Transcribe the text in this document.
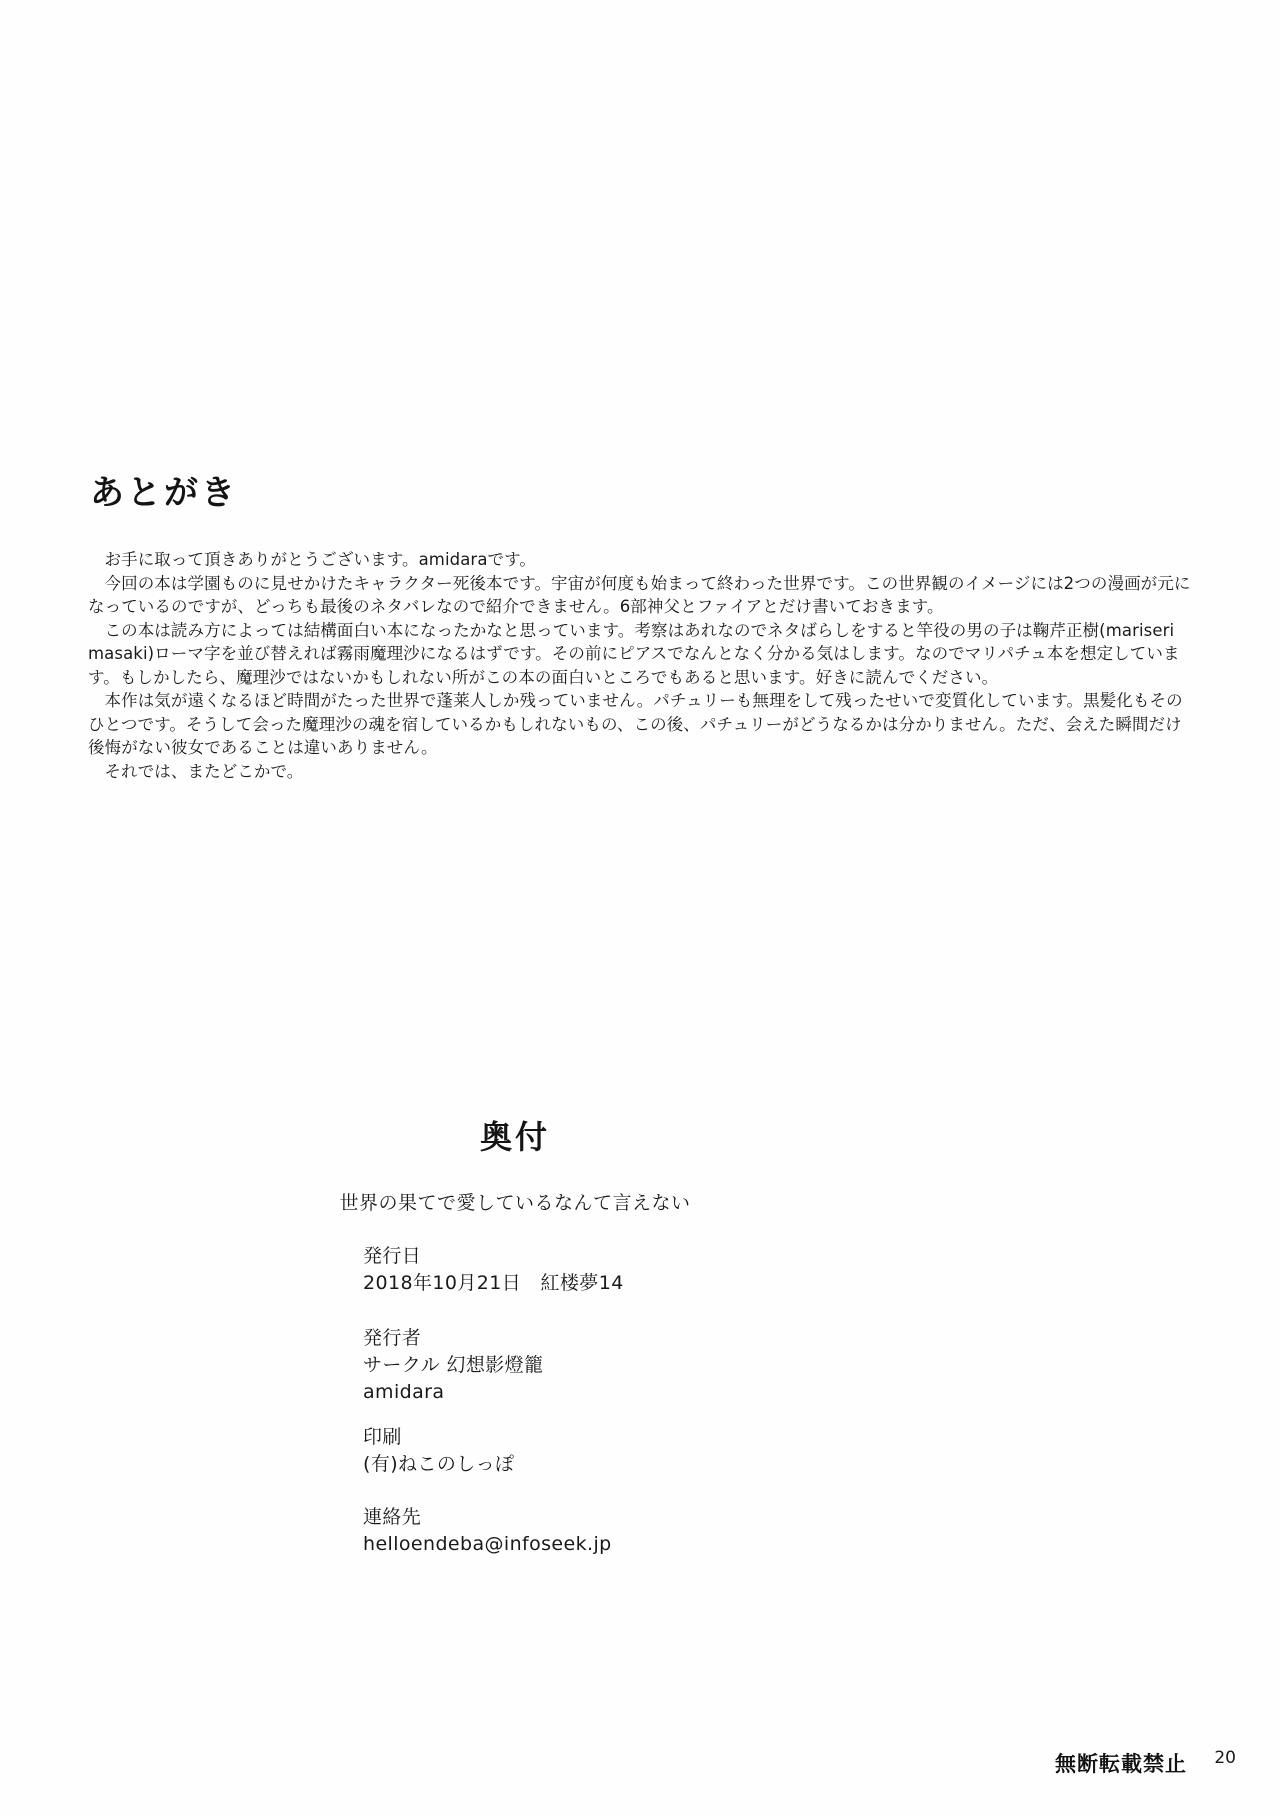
あとがき

お手に取って頂きありがとうございます。amidaraです。

今回の本は学園ものに見せかけたキャラクター死後本です。宇宙が何度も始まって終わった世界です。この世界観のイメージには2つの漫画が元になっているのですが、どっちも最後のネタバレなので紹介できません。6部神父とファイアとだけ書いておきます。

この本は読み方によっては結構面白い本になったかなと思っています。考察はあれなのでネタばらしをすると竿役の男の子は鞠芹正樹(mariseri masaki)ローマ字を並び替えれば霧雨魔理沙になるはずです。その前にピアスでなんとなく分かる気はします。なのでマリパチュ本を想定しています。もしかしたら、魔理沙ではないかもしれない所がこの本の面白いところでもあると思います。好きに読んでください。

本作は気が遠くなるほど時間がたった世界で蓬莱人しか残っていません。パチュリーも無理をして残ったせいで変質化しています。黒髪化もそのひとつです。そうして会った魔理沙の魂を宿しているかもしれないもの、この後、パチュリーがどうなるかは分かりません。ただ、会えた瞬間だけ後悔がない彼女であることは違いありません。

それでは、またどこかで。

奥付
世界の果てで愛しているなんて言えない
発行日
2018年10月21日　紅楼夢14
発行者
サークル 幻想影燈籠
amidara
印刷
(有)ねこのしっぽ
連絡先
helloendeba@infoseek.jp
無断転載禁止 20
